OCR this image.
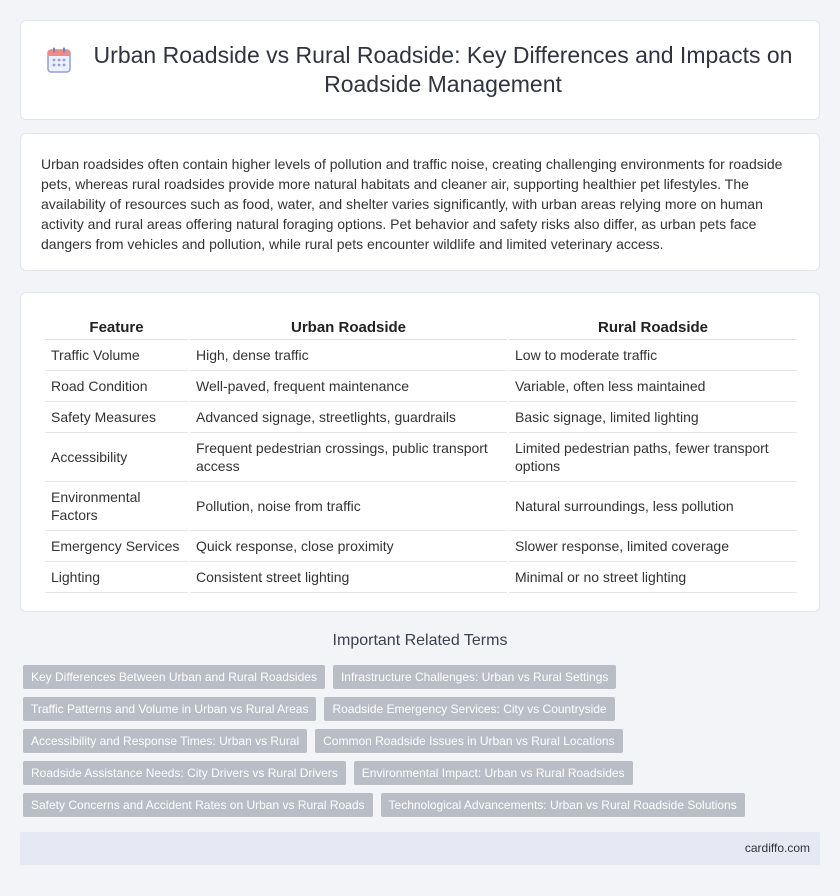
Urban Roadside vs Rural Roadside: Key Differences and Impacts on Roadside Management

Urban roadsides often contain higher levels of pollution and traffic noise, creating challenging environments for roadside pets, whereas rural roadsides provide more natural habitats and cleaner air, supporting healthier pet lifestyles. The availability of resources such as food, water, and shelter varies significantly, with urban areas relying more on human activity and rural areas offering natural foraging options. Pet behavior and safety risks also differ, as urban pets face dangers from vehicles and pollution, while rural pets encounter wildlife and limited veterinary access.

Feature	Urban Roadside	Rural Roadside
Traffic Volume	High, dense traffic	Low to moderate traffic
Road Condition	Well-paved, frequent maintenance	Variable, often less maintained
Safety Measures	Advanced signage, streetlights, guardrails	Basic signage, limited lighting
Accessibility	Frequent pedestrian crossings, public transport access	Limited pedestrian paths, fewer transport options
Environmental Factors	Pollution, noise from traffic	Natural surroundings, less pollution
Emergency Services	Quick response, close proximity	Slower response, limited coverage
Lighting	Consistent street lighting	Minimal or no street lighting
Important Related Terms
Key Differences Between Urban and Rural Roadsides	Infrastructure Challenges: Urban vs Rural Settings
Traffic Patterns and Volume in Urban vs Rural Areas	Roadside Emergency Services: City vs Countryside
Accessibility and Response Times: Urban vs Rural	Common Roadside Issues in Urban vs Rural Locations
Roadside Assistance Needs: City Drivers vs Rural Drivers	Environmental Impact: Urban vs Rural Roadsides
Safety Concerns and Accident Rates on Urban vs Rural Roads	Technological Advancements: Urban vs Rural Roadside Solutions
cardiffo.com
